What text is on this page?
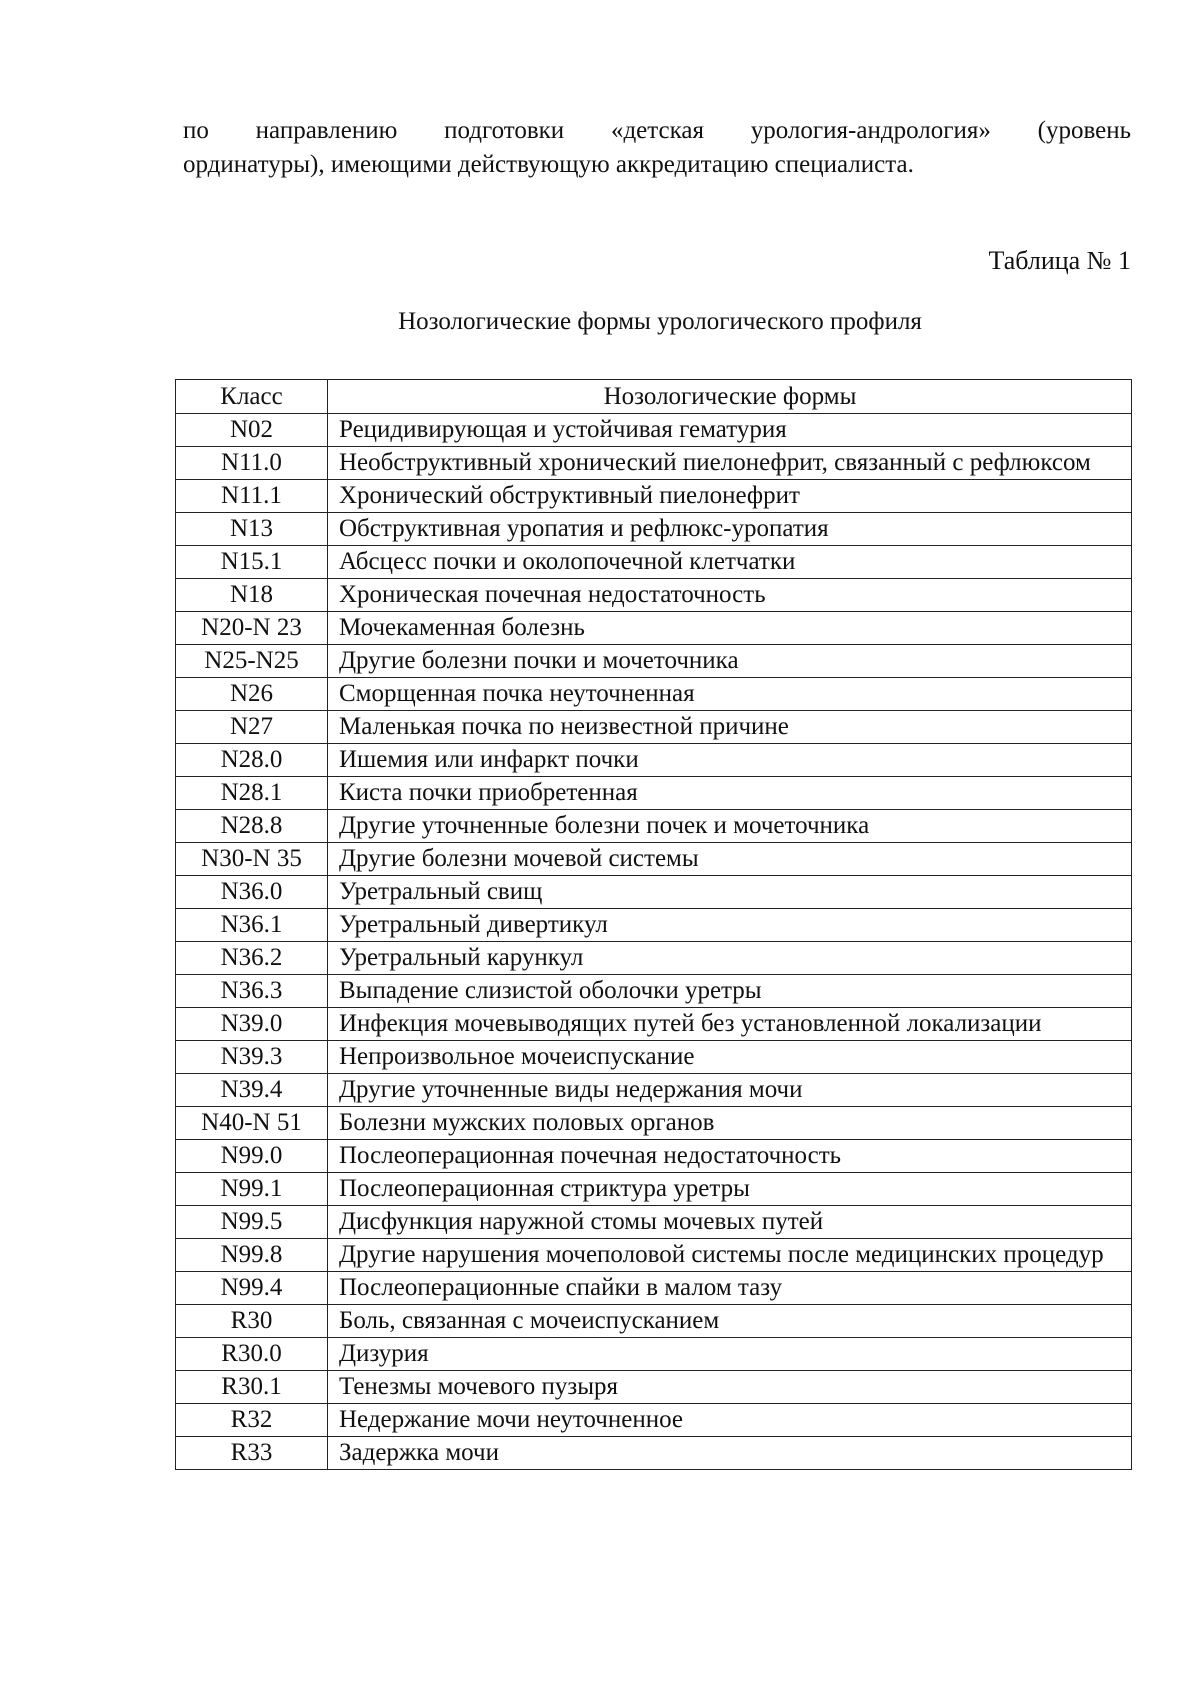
по направлению подготовки «детская урология-андрология» (уровень
ординатуры), имеющими действующую аккредитацию специалиста.

Таблица № 1

Нозологические формы урологического профиля

Класс	Нозологические формы
N02	Рецидивирующая и устойчивая гематурия
N11.0	Необструктивный хронический пиелонефрит, связанный с рефлюксом
N11.1	Хронический обструктивный пиелонефрит
N13	Обструктивная уропатия и рефлюкс-уропатия
N15.1	Абсцесс почки и околопочечной клетчатки
N18	Хроническая почечная недостаточность
N20-N 23	Мочекаменная болезнь
N25-N25	Другие болезни почки и мочеточника
N26	Сморщенная почка неуточненная
N27	Маленькая почка по неизвестной причине
N28.0	Ишемия или инфаркт почки
N28.1	Киста почки приобретенная
N28.8	Другие уточненные болезни почек и мочеточника
N30-N 35	Другие болезни мочевой системы
N36.0	Уретральный свищ
N36.1	Уретральный дивертикул
N36.2	Уретральный карункул
N36.3	Выпадение слизистой оболочки уретры
N39.0	Инфекция мочевыводящих путей без установленной локализации
N39.3	Непроизвольное мочеиспускание
N39.4	Другие уточненные виды недержания мочи
N40-N 51	Болезни мужских половых органов
N99.0	Послеоперационная почечная недостаточность
N99.1	Послеоперационная стриктура уретры
N99.5	Дисфункция наружной стомы мочевых путей
N99.8	Другие нарушения мочеполовой системы после медицинских процедур
N99.4	Послеоперационные спайки в малом тазу
R30	Боль, связанная с мочеиспусканием
R30.0	Дизурия
R30.1	Тенезмы мочевого пузыря
R32	Недержание мочи неуточненное
R33	Задержка мочи
